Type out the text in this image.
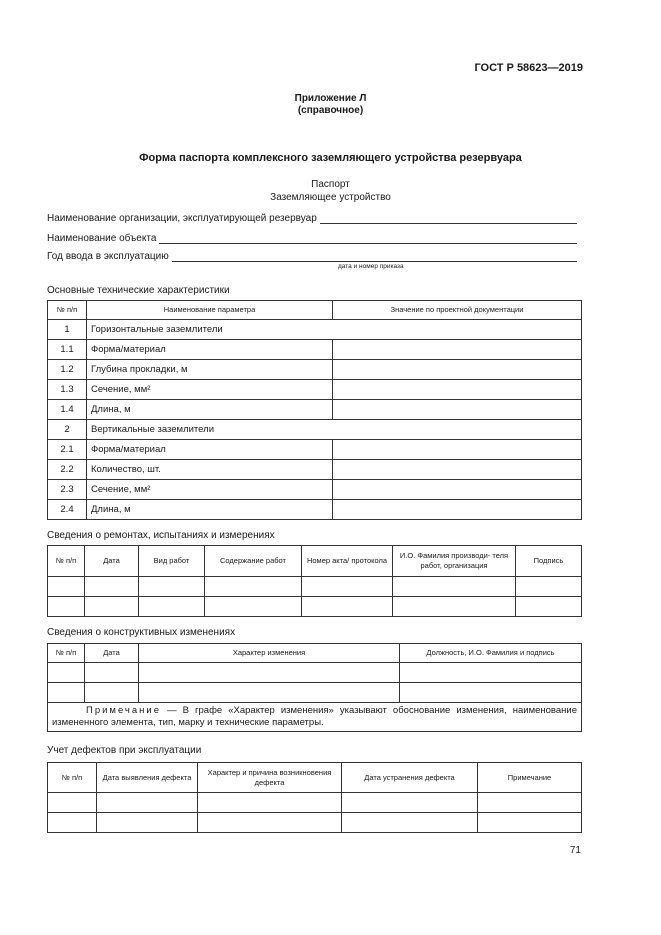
ГОСТ Р 58623—2019
Приложение Л
(справочное)
Форма паспорта комплексного заземляющего устройства резервуара
Паспорт
Заземляющее устройство
Наименование организации, эксплуатирующей резервуар
Наименование объекта
Год ввода в эксплуатацию
дата и номер приказа
Основные технические характеристики
№ п/п	Наименование параметра	Значение по проектной документации
1	Горизонтальные заземлители	
1.1	Форма/материал	
1.2	Глубина прокладки, м	
1.3	Сечение, мм²	
1.4	Длина, м	
2	Вертикальные заземлители	
2.1	Форма/материал	
2.2	Количество, шт.	
2.3	Сечение, мм²	
2.4	Длина, м	
Сведения о ремонтах, испытаниях и измерениях
№ п/п	Дата	Вид работ	Содержание работ	Номер акта/ протокола	И.О. Фамилия производи- теля работ, организация	Подпись

Сведения о конструктивных изменениях
№ п/п	Дата	Характер изменения	Должность, И.О. Фамилия и подпись

Примечание — В графе «Характер изменения» указывают обоснование изменения, наименование измененного элемента, тип, марку и технические параметры.			
Учет дефектов при эксплуатации
№ п/п	Дата выявления дефекта	Характер и причина возникновения дефекта	Дата устранения дефекта	Примечание

71
